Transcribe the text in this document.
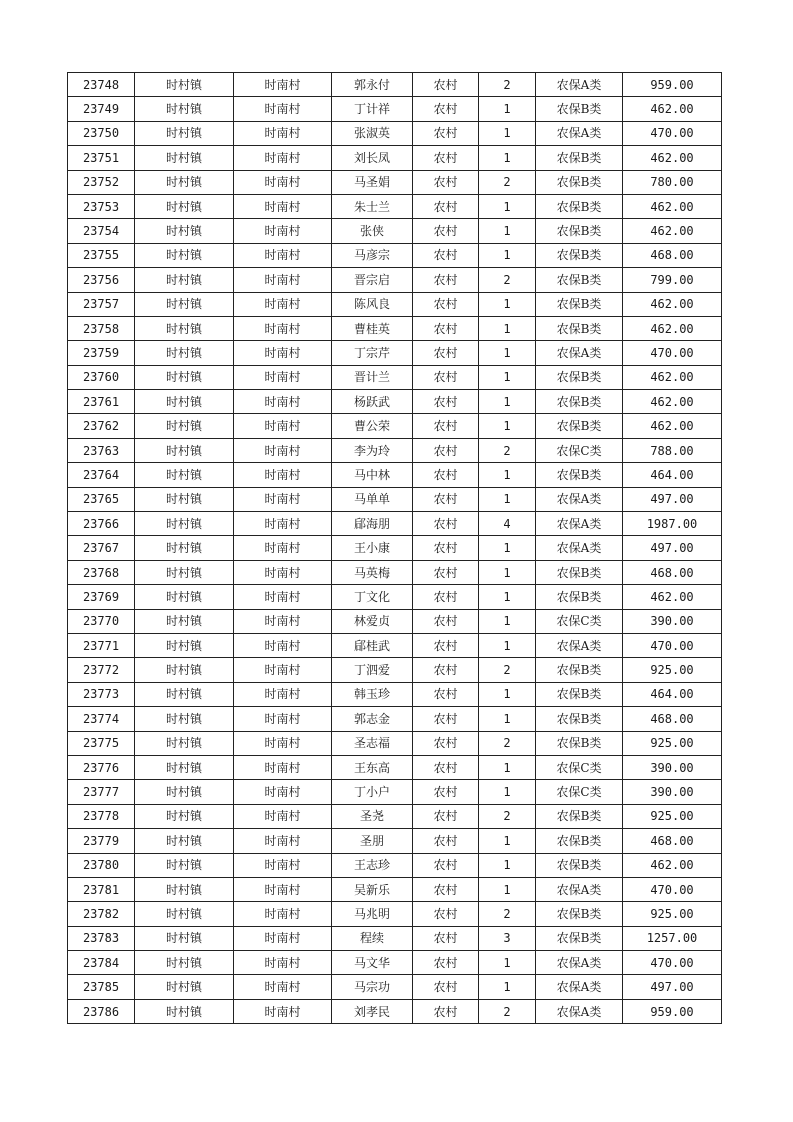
23748	时村镇	时南村	郭永付	农村	2	农保A类	959.00
23749	时村镇	时南村	丁计祥	农村	1	农保B类	462.00
23750	时村镇	时南村	张淑英	农村	1	农保A类	470.00
23751	时村镇	时南村	刘长凤	农村	1	农保B类	462.00
23752	时村镇	时南村	马圣娟	农村	2	农保B类	780.00
23753	时村镇	时南村	朱士兰	农村	1	农保B类	462.00
23754	时村镇	时南村	张侠	农村	1	农保B类	462.00
23755	时村镇	时南村	马彦宗	农村	1	农保B类	468.00
23756	时村镇	时南村	晋宗启	农村	2	农保B类	799.00
23757	时村镇	时南村	陈风良	农村	1	农保B类	462.00
23758	时村镇	时南村	曹桂英	农村	1	农保B类	462.00
23759	时村镇	时南村	丁宗芹	农村	1	农保A类	470.00
23760	时村镇	时南村	晋计兰	农村	1	农保B类	462.00
23761	时村镇	时南村	杨跃武	农村	1	农保B类	462.00
23762	时村镇	时南村	曹公荣	农村	1	农保B类	462.00
23763	时村镇	时南村	李为玲	农村	2	农保C类	788.00
23764	时村镇	时南村	马中林	农村	1	农保B类	464.00
23765	时村镇	时南村	马单单	农村	1	农保A类	497.00
23766	时村镇	时南村	郈海朋	农村	4	农保A类	1987.00
23767	时村镇	时南村	王小康	农村	1	农保A类	497.00
23768	时村镇	时南村	马英梅	农村	1	农保B类	468.00
23769	时村镇	时南村	丁文化	农村	1	农保B类	462.00
23770	时村镇	时南村	林爱贞	农村	1	农保C类	390.00
23771	时村镇	时南村	郈桂武	农村	1	农保A类	470.00
23772	时村镇	时南村	丁泗爱	农村	2	农保B类	925.00
23773	时村镇	时南村	韩玉珍	农村	1	农保B类	464.00
23774	时村镇	时南村	郭志金	农村	1	农保B类	468.00
23775	时村镇	时南村	圣志福	农村	2	农保B类	925.00
23776	时村镇	时南村	王东高	农村	1	农保C类	390.00
23777	时村镇	时南村	丁小户	农村	1	农保C类	390.00
23778	时村镇	时南村	圣尧	农村	2	农保B类	925.00
23779	时村镇	时南村	圣朋	农村	1	农保B类	468.00
23780	时村镇	时南村	王志珍	农村	1	农保B类	462.00
23781	时村镇	时南村	吴新乐	农村	1	农保A类	470.00
23782	时村镇	时南村	马兆明	农村	2	农保B类	925.00
23783	时村镇	时南村	程续	农村	3	农保B类	1257.00
23784	时村镇	时南村	马文华	农村	1	农保A类	470.00
23785	时村镇	时南村	马宗功	农村	1	农保A类	497.00
23786	时村镇	时南村	刘孝民	农村	2	农保A类	959.00
